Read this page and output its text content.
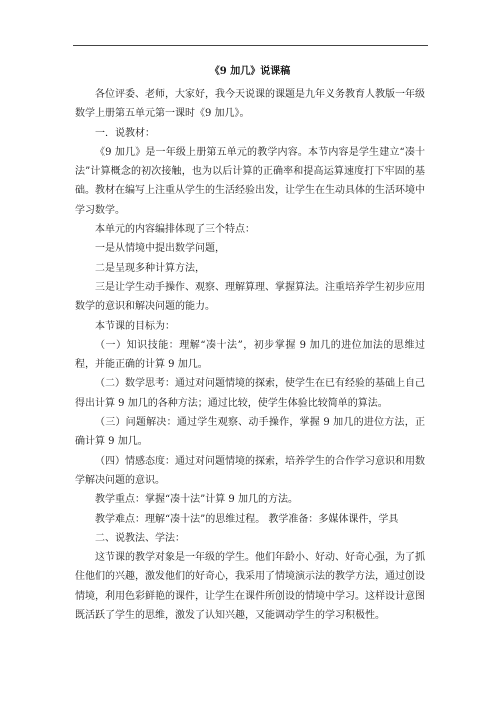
《9 加几》说课稿

各位评委、老师，大家好，我今天说课的课题是九年义务教育人教版一年级数学上册第五单元第一课时《9 加几》。

一．说教材：

《9 加几》是一年级上册第五单元的教学内容。本节内容是学生建立“凑十法”计算概念的初次接触，也为以后计算的正确率和提高运算速度打下牢固的基础。教材在编写上注重从学生的生活经验出发，让学生在生动具体的生活环境中学习数学。

本单元的内容编排体现了三个特点：

一是从情境中提出数学问题，

二是呈现多种计算方法，

三是让学生动手操作、观察、理解算理、掌握算法。注重培养学生初步应用数学的意识和解决问题的能力。

本节课的目标为：

（一）知识技能：理解“凑十法”，初步掌握 9 加几的进位加法的思维过程，并能正确的计算 9 加几。

（二）数学思考：通过对问题情境的探索，使学生在已有经验的基础上自己得出计算 9 加几的各种方法；通过比较，使学生体验比较简单的算法。

（三）问题解决：通过学生观察、动手操作，掌握 9 加几的进位方法，正确计算 9 加几。

（四）情感态度：通过对问题情境的探索，培养学生的合作学习意识和用数学解决问题的意识。

教学重点：掌握“凑十法”计算 9 加几的方法。

教学难点：理解“凑十法”的思维过程。 教学准备：多媒体课件，学具

二、说教法、学法：

这节课的教学对象是一年级的学生。他们年龄小、好动、好奇心强，为了抓住他们的兴趣，激发他们的好奇心，我采用了情境演示法的教学方法，通过创设情境，利用色彩鲜艳的课件，让学生在课件所创设的情境中学习。这样设计意图既活跃了学生的思维，激发了认知兴趣，又能调动学生的学习积极性。
